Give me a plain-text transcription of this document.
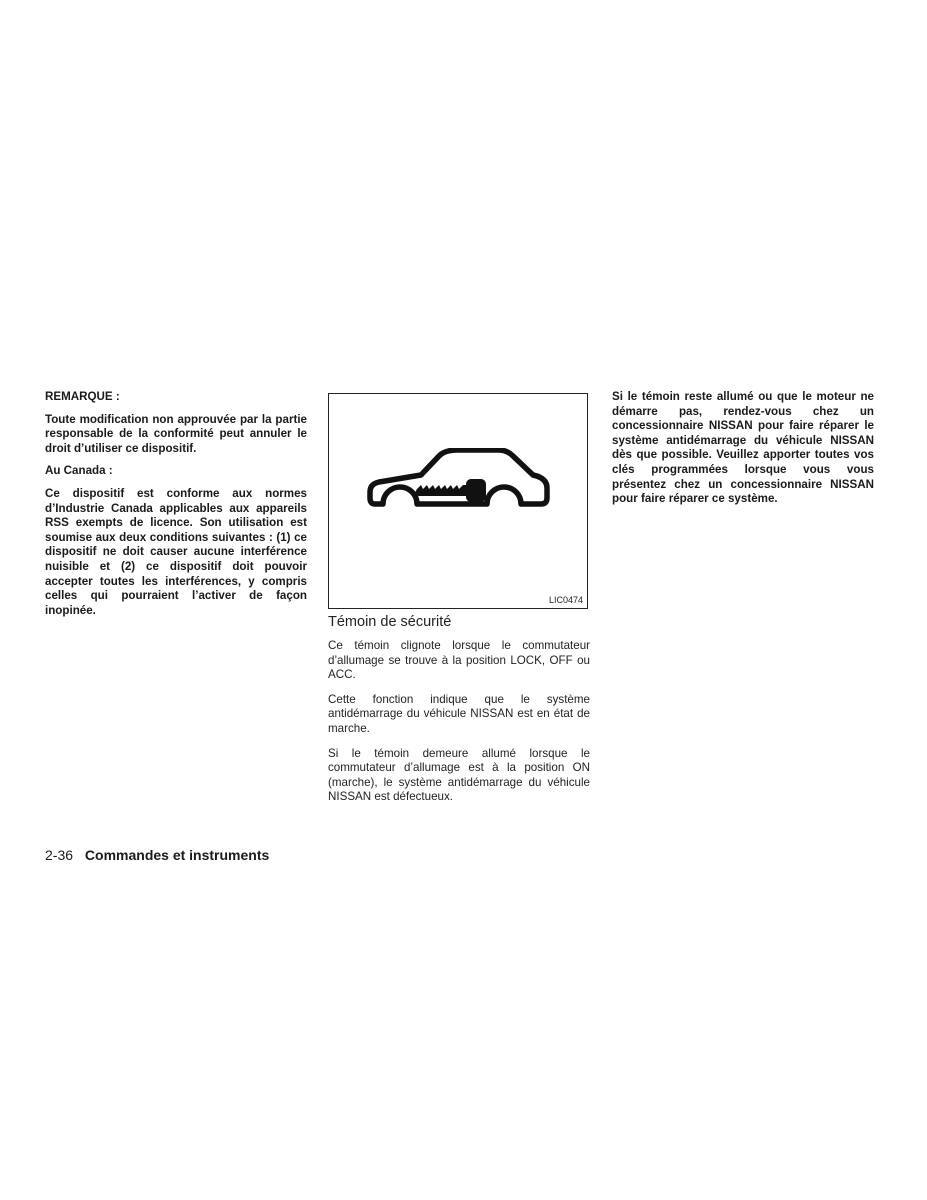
REMARQUE :

Toute modification non approuvée par la partie responsable de la conformité peut annuler le droit d’utiliser ce dispositif.

Au Canada :

Ce dispositif est conforme aux normes d’Industrie Canada applicables aux appareils RSS exempts de licence. Son utilisation est soumise aux deux conditions suivantes : (1) ce dispositif ne doit causer aucune interférence nuisible et (2) ce dispositif doit pouvoir accepter toutes les interférences, y compris celles qui pourraient l’activer de façon inopinée.

LIC0474
Témoin de sécurité

Ce témoin clignote lorsque le commutateur d’allumage se trouve à la position LOCK, OFF ou ACC.

Cette fonction indique que le système antidémarrage du véhicule NISSAN est en état de marche.

Si le témoin demeure allumé lorsque le commutateur d’allumage est à la position ON (marche), le système antidémarrage du véhicule NISSAN est défectueux.

Si le témoin reste allumé ou que le moteur ne démarre pas, rendez-vous chez un concessionnaire NISSAN pour faire réparer le système antidémarrage du véhicule NISSAN dès que possible. Veuillez apporter toutes vos clés programmées lorsque vous vous présentez chez un concessionnaire NISSAN pour faire réparer ce système.

2-36 Commandes et instruments
